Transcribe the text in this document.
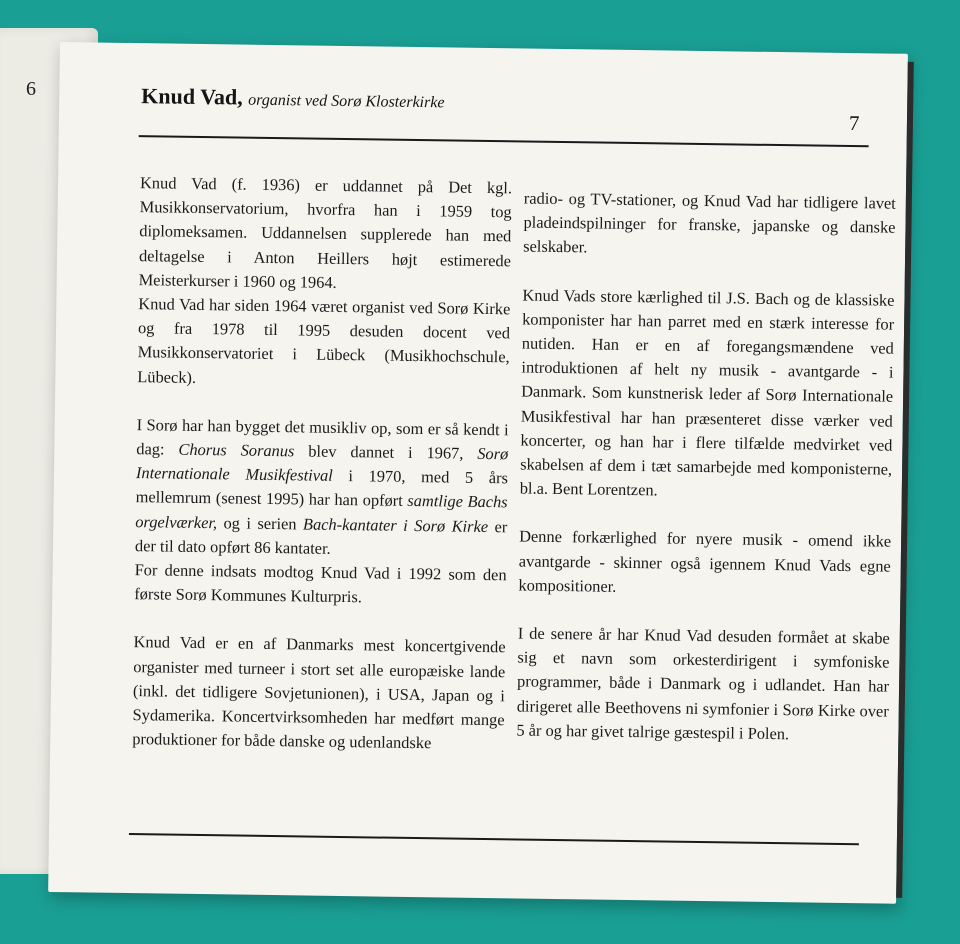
6	Knud Vad, organist ved Sorø Klosterkirke
7

Knud Vad (f. 1936) er uddannet på Det kgl. Musikkonservatorium, hvorfra han i 1959 tog diplomeksamen. Uddannelsen supplerede han med deltagelse i Anton Heillers højt estimerede Meisterkurser i 1960 og 1964.

Knud Vad har siden 1964 været organist ved Sorø Kirke og fra 1978 til 1995 desuden docent ved Musikkonservatoriet i Lübeck (Musikhochschule, Lübeck).

I Sorø har han bygget det musikliv op, som er så kendt i dag: Chorus Soranus blev dannet i 1967, Sorø Internationale Musikfestival i 1970, med 5 års mellemrum (senest 1995) har han opført samtlige Bachs orgelværker, og i serien Bach-kantater i Sorø Kirke er der til dato opført 86 kantater.

For denne indsats modtog Knud Vad i 1992 som den første Sorø Kommunes Kulturpris.

Knud Vad er en af Danmarks mest koncertgivende organister med turneer i stort set alle europæiske lande (inkl. det tidligere Sovjetunionen), i USA, Japan og i Sydamerika. Koncertvirksomheden har medført mange produktioner for både danske og udenlandske

radio- og TV-stationer, og Knud Vad har tidligere lavet pladeindspilninger for franske, japanske og danske selskaber.

Knud Vads store kærlighed til J.S. Bach og de klassiske komponister har han parret med en stærk interesse for nutiden. Han er en af foregangsmændene ved introduktionen af helt ny musik - avantgarde - i Danmark. Som kunstnerisk leder af Sorø Internationale Musikfestival har han præsenteret disse værker ved koncerter, og han har i flere tilfælde medvirket ved skabelsen af dem i tæt samarbejde med komponisterne, bl.a. Bent Lorentzen.

Denne forkærlighed for nyere musik - omend ikke avantgarde - skinner også igennem Knud Vads egne kompositioner.

I de senere år har Knud Vad desuden formået at skabe sig et navn som orkesterdirigent i symfoniske programmer, både i Danmark og i udlandet. Han har dirigeret alle Beethovens ni symfonier i Sorø Kirke over 5 år og har givet talrige gæstespil i Polen.
